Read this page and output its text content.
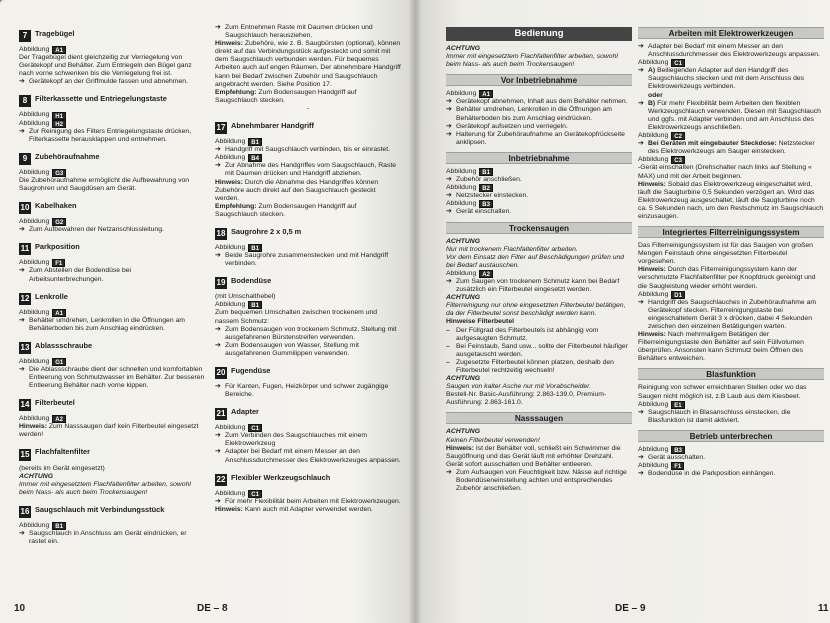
7	Tragebügel
Abbildung	A1
Der Tragebügel dient gleichzeitig zur Verriegelung von Gerätekopf und Behälter. Zum Entriegeln den Bügel ganz nach vorne schwenken bis die Verriegelung frei ist.
➔ Gerätekopf an der Griffmulde fassen und abnehmen.
8	Filterkassette und Entriegelungstaste
Abbildung	H1
Abbildung	H2
➔ Zur Reinigung des Filters Entriegelungstaste drücken, Filterkassette herausklappen und entnehmen.
9	Zubehöraufnahme
Abbildung	G3
Die Zubehöraufnahme ermöglicht die Aufbewahrung von Saugrohren und Saugdüsen am Gerät.
10 Kabelhaken
Abbildung	G2
➔ Zum Aufbewahren der Netzanschlussleitung.
11 Parkposition
Abbildung	F1
➔ Zum Abstellen der Bodendüse bei Arbeitsunterbrechungen.
12 Lenkrolle
Abbildung	A1
➔ Behälter umdrehen, Lenkrollen in die Öffnungen am Behälterboden bis zum Anschlag eindrücken.
13 Ablassschraube
Abbildung	G1
➔ Die Ablassschraube dient der schnellen und komfortablen Entleerung von Schmutzwasser im Behälter. Zur besseren Entleerung Behälter nach vorne kippen.
14 Filterbeutel
Abbildung	A2
Hinweis: Zum Nasssaugen darf kein Filterbeutel eingesetzt werden!
15 Flachfaltenfilter
(bereits im Gerät eingesetzt)
ACHTUNG
Immer mit eingesetztem Flachfaltenfilter arbeiten, sowohl beim Nass- als auch beim Trockensaugen!
16 Saugschlauch mit Verbindungsstück
Abbildung	B1
➔ Saugschlauch in Anschluss am Gerät eindrücken, er rastet ein.
➔ Zum Entnehmen Raste mit Daumen drücken und Saugschlauch herausziehen.
Hinweis: Zubehöre, wie z. B. Saugbürsten (optional), können direkt auf das Verbindungsstück aufgesteckt und somit mit dem Saugschlauch verbunden werden. Für bequemes Arbeiten auch auf engen Räumen. Der abnehmbare Handgriff kann bei Bedarf zwischen Zubehör und Saugschlauch angebracht werden. Siehe Position 17.
Empfehlung: Zum Bodensaugen Handgriff auf Saugschlauch stecken.
-
17 Abnehmbarer Handgriff
Abbildung	B1
➔ Handgriff mit Saugschlauch verbinden, bis er einrastet.
Abbildung	B4
➔ Zur Abnahme des Handgriffes vom Saugschlauch, Raste mit Daumen drücken und Handgriff abziehen.
Hinweis: Durch die Abnahme des Handgriffes können Zubehöre auch direkt auf den Saugschlauch gesteckt werden.
Empfehlung: Zum Bodensaugen Handgriff auf Saugschlauch stecken.
18 Saugrohre 2 x 0,5 m
Abbildung	B1
➔ Beide Saugrohre zusammenstecken und mit Handgriff verbinden.
19 Bodendüse
(mit Umschalthebel)
Abbildung	B1
Zum bequemen Umschalten zwischen trockenem und nassem Schmutz:
➔ Zum Bodensaugen von trockenem Schmutz, Stellung mit ausgefahrenen Bürstenstreifen verwenden.
➔ Zum Bodensaugen von Wasser, Stellung mit ausgefahrenen Gummilippen verwenden.
20 Fugendüse
➔ Für Kanten, Fugen, Heizkörper und schwer zugängige Bereiche.
21 Adapter
Abbildung	C1
➔ Zum Verbinden des Saugschlauches mit einem Elektrowerkzeug
➔ Adapter bei Bedarf mit einem Messer an den Anschlussdurchmesser des Elektrowerkzeuges anpassen.
22 Flexibler Werkzeugschlauch
Abbildung	C1
➔ Für mehr Flexibilität beim Arbeiten mit Elektrowerkzeugen.
Hinweis: Kann auch mit Adapter verwendet werden.
10	DE – 8
Bedienung
ACHTUNG
Immer mit eingesetztem Flachfaltenfilter arbeiten, sowohl beim Nass- als auch beim Trockensaugen!
Vor Inbetriebnahme
Abbildung	A1
➔ Gerätekopf abnehmen, Inhalt aus dem Behälter nehmen.
➔ Behälter umdrehen, Lenkrollen in die Öffnungen am Behälterboden bis zum Anschlag eindrücken.
➔ Gerätekopf aufsetzen und verriegeln.
➔ Halterung für Zubehöraufnahme an Gerätekopfrückseite anklipsen.
Inbetriebnahme
Abbildung	B1
➔ Zubehör anschließen.
Abbildung	B2
➔ Netzstecker einstecken.
Abbildung	B3
➔ Gerät einschalten.
Trockensaugen
ACHTUNG
Nur mit trockenem Flachfaltenfilter arbeiten.
Vor dem Einsatz den Filter auf Beschädigungen prüfen und bei Bedarf austauschen.
Abbildung	A2
➔ Zum Saugen von trockenem Schmutz kann bei Bedarf zusätzlich ein Filterbeutel eingesetzt werden.
ACHTUNG
Filterreinigung nur ohne eingesetzten Filterbeutel betätigen, da der Filterbeutel sonst beschädigt werden kann.
Hinweise Filterbeutel
– Der Füllgrad des Filterbeutels ist abhängig vom aufgesaugten Schmutz.
– Bei Feinstaub, Sand usw... sollte der Filterbeutel häufiger ausgetauscht werden.
– Zugesetzte Filterbeutel können platzen, deshalb den Filterbeutel rechtzeitig wechseln!
ACHTUNG
Saugen von kalter Asche nur mit Vorabscheider.
Bestell-Nr. Basic-Ausführung: 2.863-139.0, Premium-Ausführung: 2.863-161.0.
Nasssaugen
ACHTUNG
Keinen Filterbeutel verwenden!
Hinweis: Ist der Behälter voll, schließt ein Schwimmer die Saugöffnung und das Gerät läuft mit erhöhter Drehzahl. Gerät sofort ausschalten und Behälter entleeren.
➔ Zum Aufsaugen von Feuchtigkeit bzw. Nässe auf richtige Bodendüseneinstellung achten und entsprechendes Zubehör anschließen.
Arbeiten mit Elektrowerkzeugen
➔ Adapter bei Bedarf mit einem Messer an den Anschlussdurchmesser des Elektrowerkzeugs anpassen.
Abbildung	C1
➔ A) Beiliegenden Adapter auf den Handgriff des Saugschlauchs stecken und mit dem Anschluss des Elektrowerkzeugs verbinden.
oder
➔ B) Für mehr Flexibilität beim Arbeiten den flexiblen Werkzeugschlauch verwenden. Diesen mit Saugschlauch und ggfs. mit Adapter verbinden und am Anschluss des Elektrowerkzeugs anschließen.
Abbildung	C2
➔ Bei Geräten mit eingebauter Steckdose: Netzstecker des Elektrowerkzeugs am Sauger einstecken.
Abbildung	C3
-Gerät einschalten (Drehschalter nach links auf Stellung « MAX) und mit der Arbeit beginnen.
Hinweis: Sobald das Elektrowerkzeug eingeschaltet wird, läuft die Saugturbine 0,5 Sekunden verzögert an. Wird das Elektrowerkzeug ausgeschaltet, läuft die Saugturbine noch ca. 5 Sekunden nach, um den Restschmutz im Saugschlauch einzusaugen.
Integriertes Filterreinigungssystem
Das Filterreinigungssystem ist für das Saugen von großen Mengen Feinstaub ohne eingesetzten Filterbeutel vorgesehen.
Hinweis: Durch das Filterreinigungssystem kann der verschmutzte Flachfaltenfilter per Knopfdruck gereinigt und die Saugleistung wieder erhöht werden.
Abbildung	D1
➔ Handgriff des Saugschlauches in Zubehöraufnahme am Gerätekopf stecken. Filterreinigungstaste bei eingeschaltetem Gerät 3 x drücken, dabei 4 Sekunden zwischen den einzelnen Betätigungen warten.
Hinweis: Nach mehrmaligem Betätigen der Filterreinigungstaste den Behälter auf sein Füllvolumen überprüfen. Ansonsten kann Schmutz beim Öffnen des Behälters entweichen.
Blasfunktion
Reinigung von schwer erreichbaren Stellen oder wo das Saugen nicht möglich ist, z.B Laub aus dem Kiesbeet.
Abbildung	E1
➔ Saugschlauch in Blasanschluss einstecken, die Blasfunktion ist damit aktiviert.
Betrieb unterbrechen
Abbildung	B3
➔ Gerät ausschalten.
Abbildung	F1
➔ Bodendüse in die Parkposition einhängen.
DE – 9	11
